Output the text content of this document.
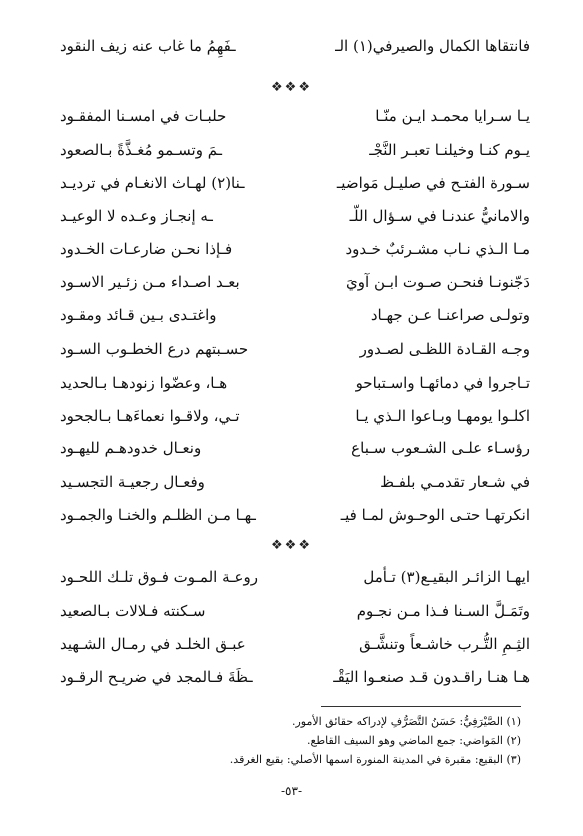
فانتقاها الكمال والصيرفي(١) الـ
ـفَهِمُ ما غاب عنه زيف النقود
❖❖❖
يـا سـرايا محمـد ايـن منّـا
حلبـات في امسـنا المفقـود
يـوم كنـا وخيلنـا تعبـر النَّجْـ
ـمَ وتسـمو مُغـذَّةً بـالصعود
سـورة الفتـح في صليـل مَواضيـ
ـنا(٢) لهـاث الانغـام في ترديـد
والامانيُّ عندنـا في سـؤال اللّـ
ـه إنجـاز وعـده لا الوعيـد
مـا الـذي نـاب مشـرئبٌ خـدود
فـإذا نحـن ضارعـات الخـدود
دَجّنونـا فنحـن صـوت ابـن آويَ
بعـد اصـداء مـن زئـير الاسـود
وتولـى صراعنـا عـن جهـاد
واغتـدى بـين قـائد ومقـود
وجـه القـادة اللظـى لصـدور
حسـبتهم درع الخطـوب السـود
تـاجروا في دمائهـا واسـتباحو
هـا، وعضّوا زنودهـا بـالحديد
اكلـوا يومهـا وبـاعوا الـذي يـا
تـي، ولاقـوا نعماءَهـا بـالجحود
رؤسـاء علـى الشـعوب سـباع
ونعـال خدودهـم لليهـود
في شـعار تقدمـي بلفـظ
وفعـال رجعيـة التجسـيد
انكرتهـا حتـى الوحـوش لمـا فيـ
ـهـا مـن الظلـم والخنـا والجمـود
❖❖❖
ايهـا الزائـر البقيـع(٣) تـأمل
روعـة المـوت فـوق تلـك اللحـود
وتَمَـلَّ السـنا فـذا مـن نجـوم
سـكنته فـلالات بـالصعيد
الثِـمِ التُّـرب خاشـعاً وتنشَّـق
عبـق الخلـد في رمـال الشـهيد
هـا هنـا راقـدون قـد صنعـوا اليَقْـ
ـظَةَ فـالمجد في ضريـح الرقـود
(١) الصَّيْرَفِيُّ: حَسَنُ التَّصَرُّفِ لإدراكه حقائق الأمور.
(٢) المَواضي: جمع الماضي وهو السيف القاطع.
(٣) البقيع: مقبرة في المدينة المنورة اسمها الأصلي: بقيع الغرقد.
-٥٣-
